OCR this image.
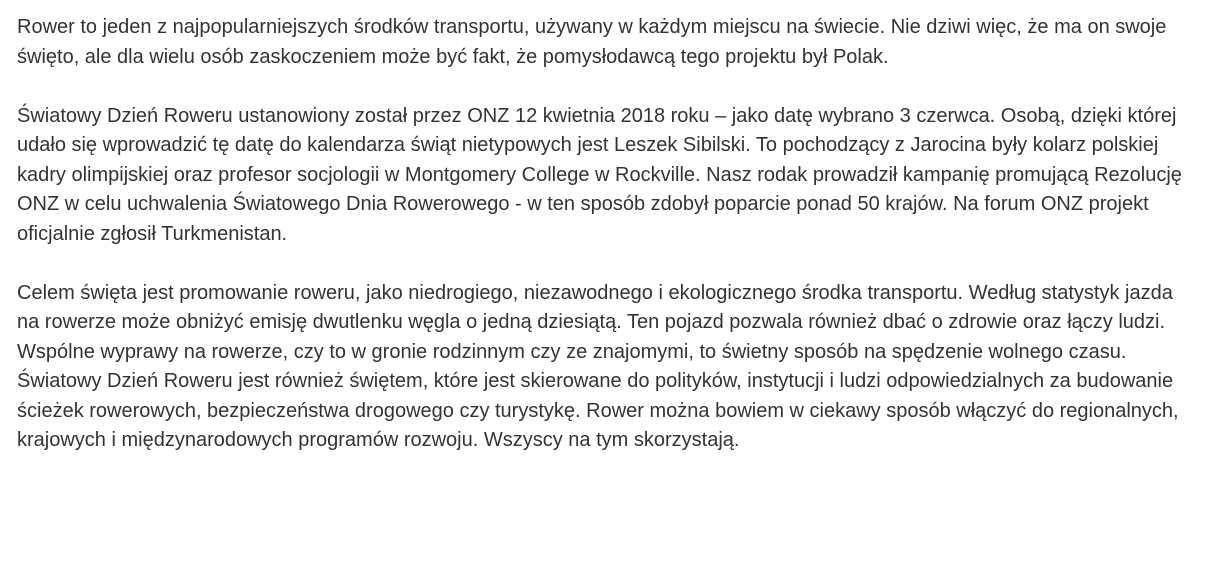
Rower to jeden z najpopularniejszych środków transportu, używany w każdym miejscu na świecie. Nie dziwi więc, że ma on swoje święto, ale dla wielu osób zaskoczeniem może być fakt, że pomysłodawcą tego projektu był Polak.

Światowy Dzień Roweru ustanowiony został przez ONZ 12 kwietnia 2018 roku – jako datę wybrano 3 czerwca. Osobą, dzięki której udało się wprowadzić tę datę do kalendarza świąt nietypowych jest Leszek Sibilski. To pochodzący z Jarocina były kolarz polskiej kadry olimpijskiej oraz profesor socjologii w Montgomery College w Rockville. Nasz rodak prowadził kampanię promującą Rezolucję ONZ w celu uchwalenia Światowego Dnia Rowerowego - w ten sposób zdobył poparcie ponad 50 krajów. Na forum ONZ projekt oficjalnie zgłosił Turkmenistan.

Celem święta jest promowanie roweru, jako niedrogiego, niezawodnego i ekologicznego środka transportu. Według statystyk jazda na rowerze może obniżyć emisję dwutlenku węgla o jedną dziesiątą. Ten pojazd pozwala również dbać o zdrowie oraz łączy ludzi. Wspólne wyprawy na rowerze, czy to w gronie rodzinnym czy ze znajomymi, to świetny sposób na spędzenie wolnego czasu. Światowy Dzień Roweru jest również świętem, które jest skierowane do polityków, instytucji i ludzi odpowiedzialnych za budowanie ścieżek rowerowych, bezpieczeństwa drogowego czy turystykę. Rower można bowiem w ciekawy sposób włączyć do regionalnych, krajowych i międzynarodowych programów rozwoju. Wszyscy na tym skorzystają.
